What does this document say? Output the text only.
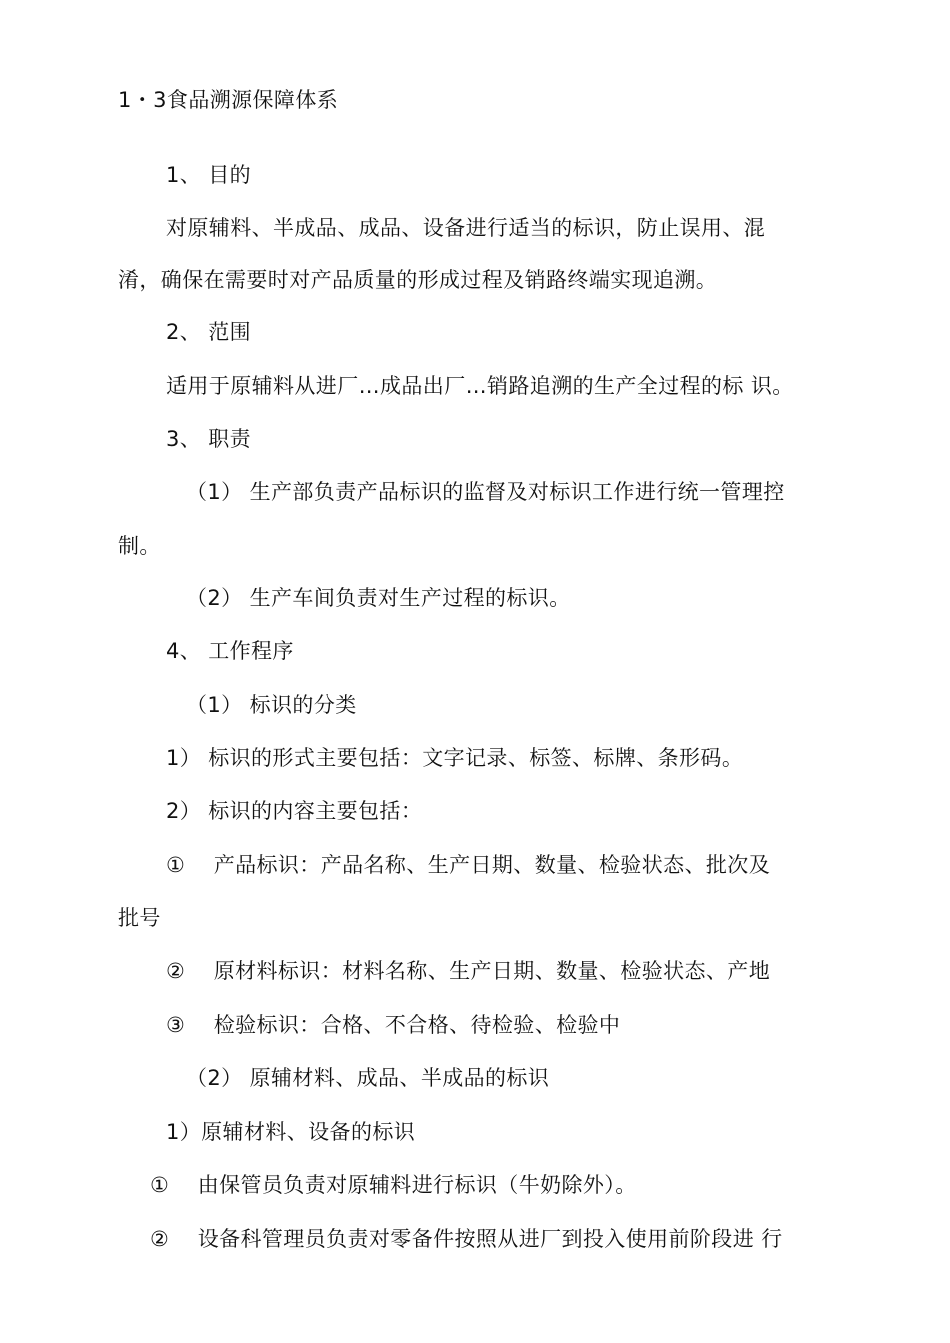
1・3食品溯源保障体系
1、 目的
对原辅料、半成品、成品、设备进行适当的标识，防止误用、混
淆，确保在需要时对产品质量的形成过程及销路终端实现追溯。
2、 范围
适用于原辅料从进厂…成品出厂…销路追溯的生产全过程的标 识。
3、 职责
（1） 生产部负责产品标识的监督及对标识工作进行统一管理控
制。
（2） 生产车间负责对生产过程的标识。
4、 工作程序
（1） 标识的分类
1） 标识的形式主要包括：文字记录、标签、标牌、条形码。
2） 标识的内容主要包括：
①　 产品标识：产品名称、生产日期、数量、检验状态、批次及
批号
②　 原材料标识：材料名称、生产日期、数量、检验状态、产地
③　 检验标识：合格、不合格、待检验、检验中
（2） 原辅材料、成品、半成品的标识
1）原辅材料、设备的标识
①　 由保管员负责对原辅料进行标识（牛奶除外）。
②　 设备科管理员负责对零备件按照从进厂到投入使用前阶段进 行
